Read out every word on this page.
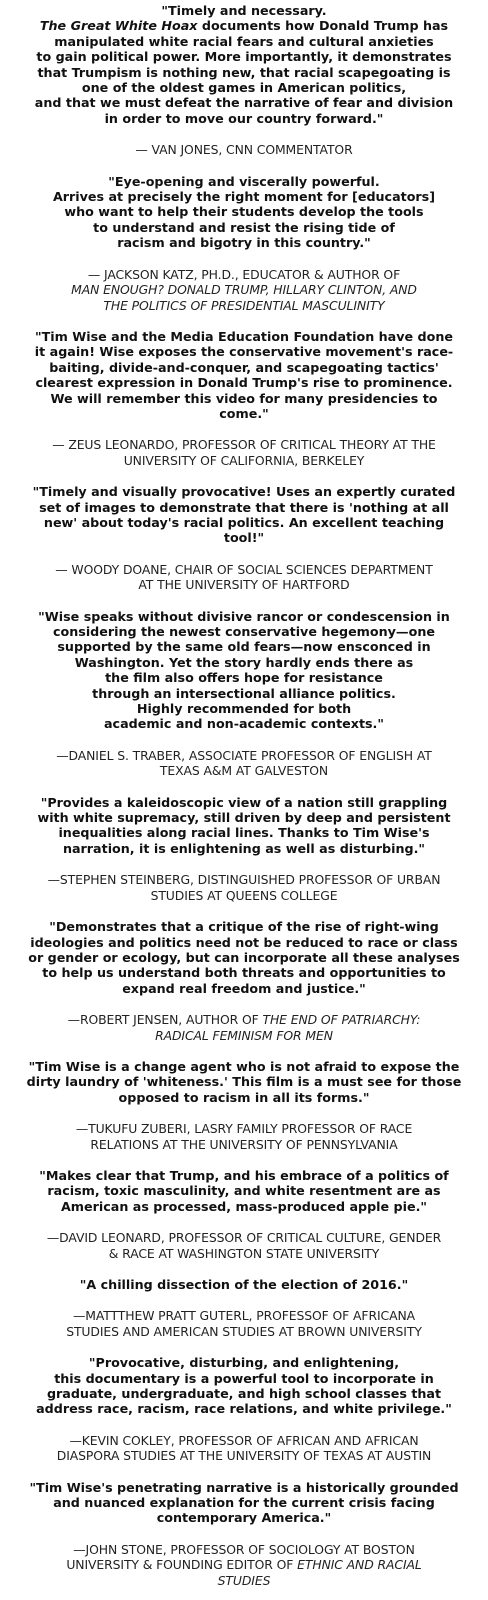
"Timely and necessary.
The Great White Hoax documents how Donald Trump has
manipulated white racial fears and cultural anxieties
to gain political power. More importantly, it demonstrates
that Trumpism is nothing new, that racial scapegoating is
one of the oldest games in American politics,
and that we must defeat the narrative of fear and division
in order to move our country forward."

— VAN JONES, CNN COMMENTATOR

"Eye-opening and viscerally powerful.
Arrives at precisely the right moment for [educators]
who want to help their students develop the tools
to understand and resist the rising tide of
racism and bigotry in this country."

— JACKSON KATZ, PH.D., EDUCATOR & AUTHOR OF
MAN ENOUGH? DONALD TRUMP, HILLARY CLINTON, AND
THE POLITICS OF PRESIDENTIAL MASCULINITY

"Tim Wise and the Media Education Foundation have done
it again! Wise exposes the conservative movement's race-
baiting, divide-and-conquer, and scapegoating tactics'
clearest expression in Donald Trump's rise to prominence.
We will remember this video for many presidencies to
come."

— ZEUS LEONARDO, PROFESSOR OF CRITICAL THEORY AT THE
UNIVERSITY OF CALIFORNIA, BERKELEY

"Timely and visually provocative! Uses an expertly curated
set of images to demonstrate that there is 'nothing at all
new' about today's racial politics. An excellent teaching
tool!"

— WOODY DOANE, CHAIR OF SOCIAL SCIENCES DEPARTMENT
AT THE UNIVERSITY OF HARTFORD

"Wise speaks without divisive rancor or condescension in
considering the newest conservative hegemony—one
supported by the same old fears—now ensconced in
Washington. Yet the story hardly ends there as
the film also offers hope for resistance
through an intersectional alliance politics.
Highly recommended for both
academic and non-academic contexts."

—DANIEL S. TRABER, ASSOCIATE PROFESSOR OF ENGLISH AT
TEXAS A&M AT GALVESTON

"Provides a kaleidoscopic view of a nation still grappling
with white supremacy, still driven by deep and persistent
inequalities along racial lines. Thanks to Tim Wise's
narration, it is enlightening as well as disturbing."

—STEPHEN STEINBERG, DISTINGUISHED PROFESSOR OF URBAN
STUDIES AT QUEENS COLLEGE

"Demonstrates that a critique of the rise of right-wing
ideologies and politics need not be reduced to race or class
or gender or ecology, but can incorporate all these analyses
to help us understand both threats and opportunities to
expand real freedom and justice."

—ROBERT JENSEN, AUTHOR OF THE END OF PATRIARCHY:
RADICAL FEMINISM FOR MEN

"Tim Wise is a change agent who is not afraid to expose the
dirty laundry of 'whiteness.' This film is a must see for those
opposed to racism in all its forms."

—TUKUFU ZUBERI, LASRY FAMILY PROFESSOR OF RACE
RELATIONS AT THE UNIVERSITY OF PENNSYLVANIA

"Makes clear that Trump, and his embrace of a politics of
racism, toxic masculinity, and white resentment are as
American as processed, mass-produced apple pie."

—DAVID LEONARD, PROFESSOR OF CRITICAL CULTURE, GENDER
& RACE AT WASHINGTON STATE UNIVERSITY

"A chilling dissection of the election of 2016."

—MATTTHEW PRATT GUTERL, PROFESSOF OF AFRICANA
STUDIES AND AMERICAN STUDIES AT BROWN UNIVERSITY

"Provocative, disturbing, and enlightening,
this documentary is a powerful tool to incorporate in
graduate, undergraduate, and high school classes that
address race, racism, race relations, and white privilege."

—KEVIN COKLEY, PROFESSOR OF AFRICAN AND AFRICAN
DIASPORA STUDIES AT THE UNIVERSITY OF TEXAS AT AUSTIN

"Tim Wise's penetrating narrative is a historically grounded
and nuanced explanation for the current crisis facing
contemporary America."

—JOHN STONE, PROFESSOR OF SOCIOLOGY AT BOSTON
UNIVERSITY & FOUNDING EDITOR OF ETHNIC AND RACIAL
STUDIES
